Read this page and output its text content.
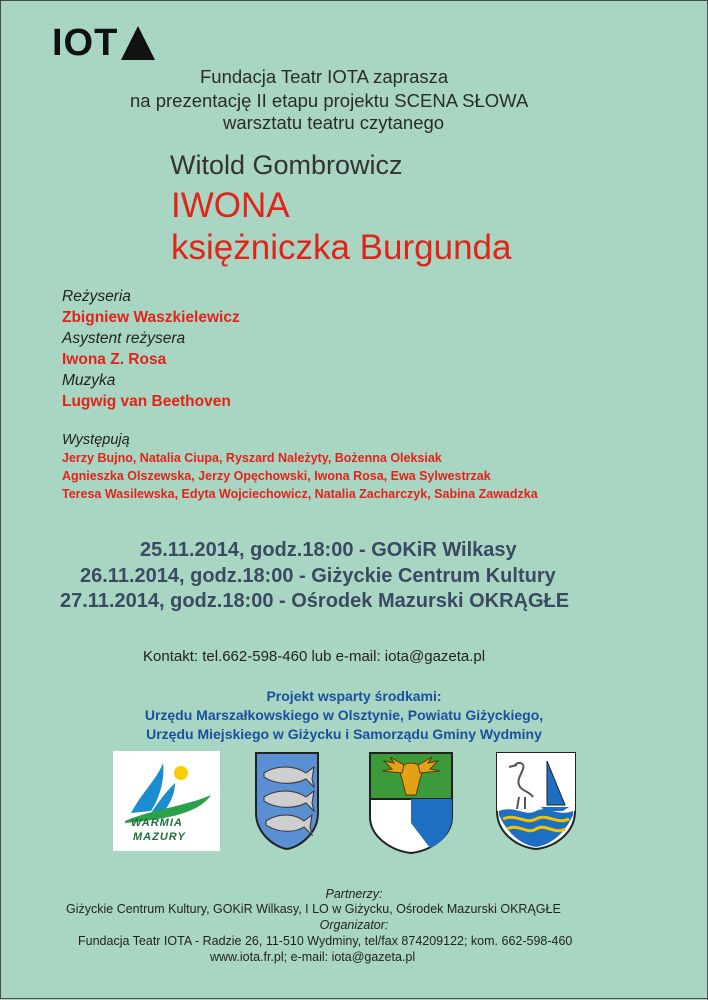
IOT
Fundacja Teatr IOTA zaprasza
na prezentację II etapu projektu SCENA SŁOWA
warsztatu teatru czytanego
Witold Gombrowicz
IWONA
księżniczka Burgunda
Reżyseria
Zbigniew Waszkielewicz
Asystent reżysera
Iwona Z. Rosa
Muzyka
Lugwig van Beethoven
Występują
Jerzy Bujno, Natalia Ciupa, Ryszard Należyty, Bożenna Oleksiak
Agnieszka Olszewska, Jerzy Opęchowski, Iwona Rosa, Ewa Sylwestrzak
Teresa Wasilewska, Edyta Wojciechowicz, Natalia Zacharczyk, Sabina Zawadzka
25.11.2014, godz.18:00 - GOKiR Wilkasy
26.11.2014, godz.18:00 - Giżyckie Centrum Kultury
27.11.2014, godz.18:00 - Ośrodek Mazurski OKRĄGŁE
Kontakt: tel.662-598-460 lub e-mail: iota@gazeta.pl
Projekt wsparty środkami:
Urzędu Marszałkowskiego w Olsztynie, Powiatu Giżyckiego,
Urzędu Miejskiego w Giżycku i Samorządu Gminy Wydminy
WARMIA
MAZURY
Partnerzy:
Giżyckie Centrum Kultury, GOKiR Wilkasy, I LO w Giżycku, Ośrodek Mazurski OKRĄGŁE
Organizator:
Fundacja Teatr IOTA - Radzie 26, 11-510 Wydminy, tel/fax 874209122; kom. 662-598-460
www.iota.fr.pl; e-mail: iota@gazeta.pl
